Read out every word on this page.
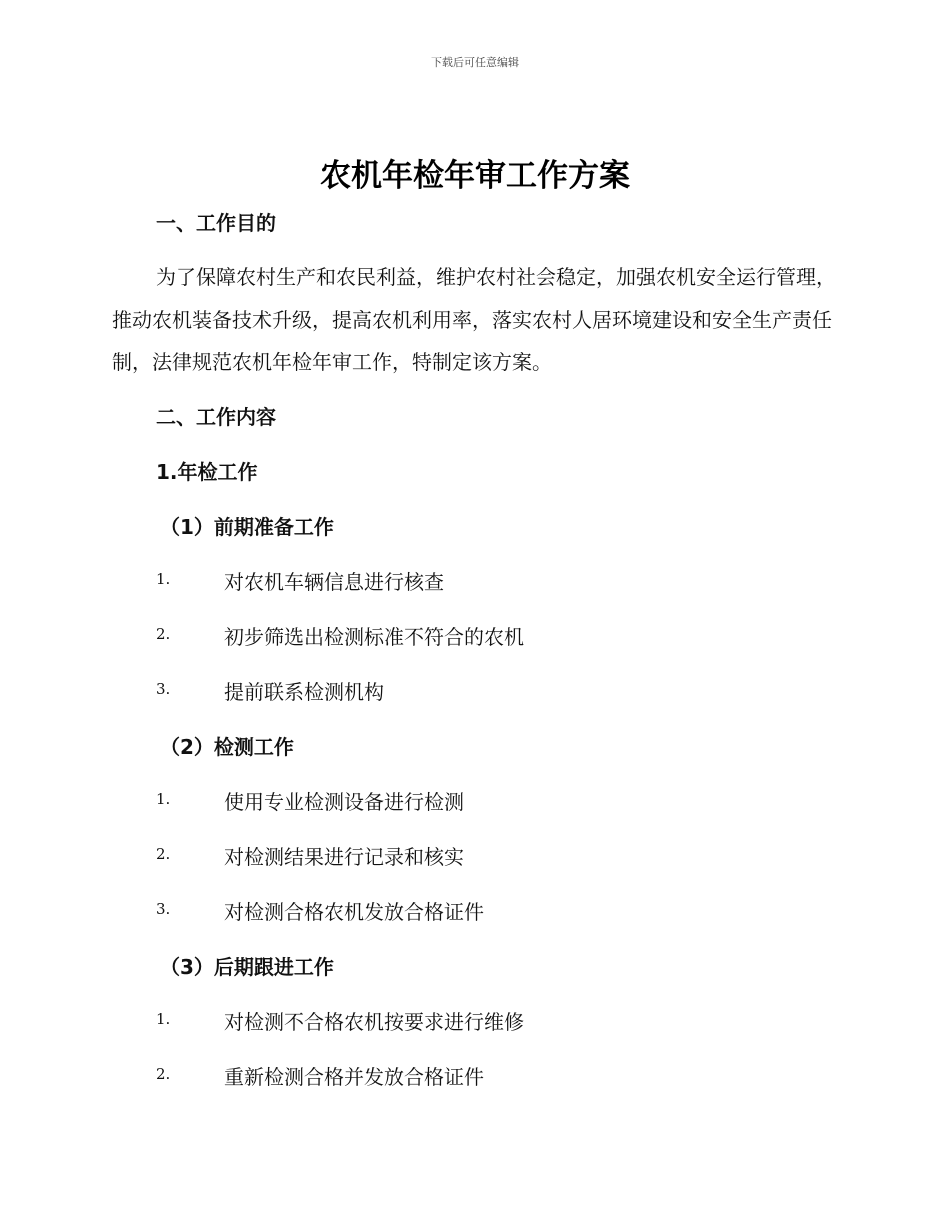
下载后可任意编辑
农机年检年审工作方案
一、工作目的

为了保障农村生产和农民利益，维护农村社会稳定，加强农机安全运行管理，推动农机装备技术升级，提高农机利用率，落实农村人居环境建设和安全生产责任制，法律规范农机年检年审工作，特制定该方案。

二、工作内容
1.年检工作
（1）前期准备工作
1.	对农机车辆信息进行核查
2.	初步筛选出检测标准不符合的农机
3.	提前联系检测机构
（2）检测工作
1.	使用专业检测设备进行检测
2.	对检测结果进行记录和核实
3.	对检测合格农机发放合格证件
（3）后期跟进工作
1.	对检测不合格农机按要求进行维修
2.	重新检测合格并发放合格证件
